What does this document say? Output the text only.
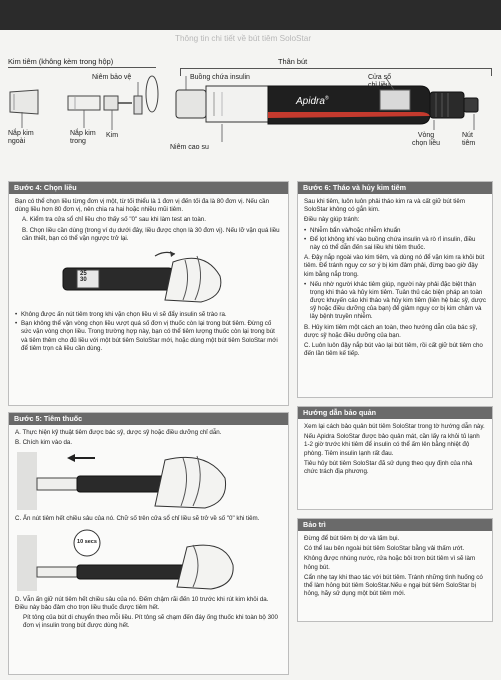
Thông tin chi tiết về bút tiêm SoloStar
Kim tiêm (không kèm trong hộp)	Thân bút
Apidra®
Nắp kim
ngoài
Nắp kim
trong
Kim
Niêm bảo vệ	Buồng chứa insulin
Niêm cao su
Cửa sổ
chỉ liều
Vòng
chọn liều
Nút
tiêm
Bước 4: Chọn liều
Bạn có thể chọn liều từng đơn vị một, từ tối thiểu là 1 đơn vị đến tối đa là 80 đơn vị. Nếu cần dùng liều hơn 80 đơn vị, nên chia ra hai hoặc nhiều mũi tiêm.
A. Kiểm tra cửa sổ chỉ liều cho thấy số "0" sau khi làm test an toàn.
B. Chọn liều cần dùng (trong ví dụ dưới đây, liều được chọn là 30 đơn vị). Nếu lỡ vặn quá liều cần thiết, bạn có thể vặn ngược trở lại.
25
30
• Không được ấn nút tiêm trong khi vặn chọn liều vì sẽ đẩy insulin sẽ trào ra.
• Bạn không thể vặn vòng chọn liều vượt quá số đơn vị thuốc còn lại trong bút tiêm. Đừng cố sức vặn vòng chọn liều. Trong trường hợp này, bạn có thể tiêm lượng thuốc còn lại trong bút và tiêm thêm cho đủ liều với một bút tiêm SoloStar mới, hoặc dùng một bút tiêm SoloStar mới để tiêm trọn cả liều cần dùng.
Bước 5: Tiêm thuốc
A. Thực hiện kỹ thuật tiêm được bác sỹ, dược sỹ hoặc điều dưỡng chỉ dẫn.
B. Chích kim vào da.
C. Ấn nút tiêm hết chiều sâu của nó. Chữ số trên cửa sổ chỉ liều sẽ trở về số "0" khi tiêm.
10 secs
D. Vẫn ấn giữ nút tiêm hết chiều sâu của nó. Đếm chậm rãi đến 10 trước khi rút kim khỏi da. Điều này bảo đảm cho trọn liều thuốc được tiêm hết.
Pít tông của bút di chuyển theo mỗi liều. Pít tông sẽ chạm đến đáy ống thuốc khi toàn bộ 300 đơn vị insulin trong bút được dùng hết.
Bước 6: Tháo và hủy kim tiêm
Sau khi tiêm, luôn luôn phải tháo kim ra và cất giữ bút tiêm SoloStar không có gắn kim.
Điều này giúp tránh:
• Nhiễm bẩn và/hoặc nhiễm khuẩn
• Để lọt không khí vào buồng chứa insulin và rò rỉ insulin, điều này có thể dẫn đến sai liều khi tiêm thuốc.
A. Đậy nắp ngoài vào kim tiêm, và dùng nó để vặn kim ra khỏi bút tiêm. Để tránh nguy cơ sơ ý bị kim đâm phải, đừng bao giờ đậy kim bằng nắp trong.
• Nếu nhờ người khác tiêm giúp, người này phải đặc biệt thận trọng khi tháo và hủy kim tiêm. Tuân thủ các biện pháp an toàn được khuyến cáo khi tháo và hủy kim tiêm (liên hệ bác sỹ, dược sỹ hoặc điều dưỡng của bạn) để giảm nguy cơ bị kim châm và lây bệnh truyền nhiễm.
B. Hủy kim tiêm một cách an toàn, theo hướng dẫn của bác sỹ, dược sỹ hoặc điều dưỡng của bạn.
C. Luôn luôn đậy nắp bút vào lại bút tiêm, rồi cất giữ bút tiêm cho đến lần tiêm kế tiếp.
Hướng dẫn bảo quản
Xem lại cách bảo quản bút tiêm SoloStar trong tờ hướng dẫn này.
Nếu Apidra SoloStar được bảo quản mát, cần lấy ra khỏi tủ lạnh 1-2 giờ trước khi tiêm để insulin có thể ấm lên bằng nhiệt độ phòng. Tiêm insulin lạnh rất đau.
Tiêu hủy bút tiêm SoloStar đã sử dụng theo quy định của nhà chức trách địa phương.
Bảo trì
Đừng để bút tiêm bị dơ và lấm bụi.
Có thể lau bên ngoài bút tiêm SoloStar bằng vải thấm ướt.
Không được nhúng nước, rửa hoặc bôi trơn bút tiêm vì sẽ làm hỏng bút.
Cẩn nhẹ tay khi thao tác với bút tiêm. Tránh những tình huống có thể làm hỏng bút tiêm SoloStar.Nếu e ngại bút tiêm SoloStar bị hỏng, hãy sử dụng một bút tiêm mới.
